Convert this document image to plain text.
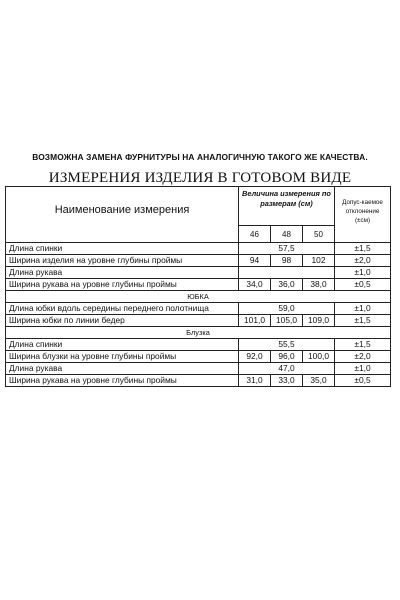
ВОЗМОЖНА ЗАМЕНА ФУРНИТУРЫ НА АНАЛОГИЧНУЮ ТАКОГО ЖЕ КАЧЕСТВА.
ИЗМЕРЕНИЯ ИЗДЕЛИЯ В ГОТОВОМ ВИДЕ
Наименование измерения	Величина измерения по размерам (см)			Допус-каемое отклонение (±см)
	46	48	50	
Длина спинки	57,5			±1,5
Ширина изделия на уровне глубины проймы	94	98	102	±2,0
Длина рукава				±1,0
Ширина рукава на уровне глубины проймы	34,0	36,0	38,0	±0,5
ЮБКА				
Длина юбки вдоль середины переднего полотнища	59,0			±1,0
Ширина юбки по линии бедер	101,0	105,0	109,0	±1,5
Блузка				
Длина спинки	55,5			±1,5
Ширина блузки на уровне глубины проймы	92,0	96,0	100,0	±2,0
Длина рукава	47,0			±1,0
Ширина рукава на уровне глубины проймы	31,0	33,0	35,0	±0,5
